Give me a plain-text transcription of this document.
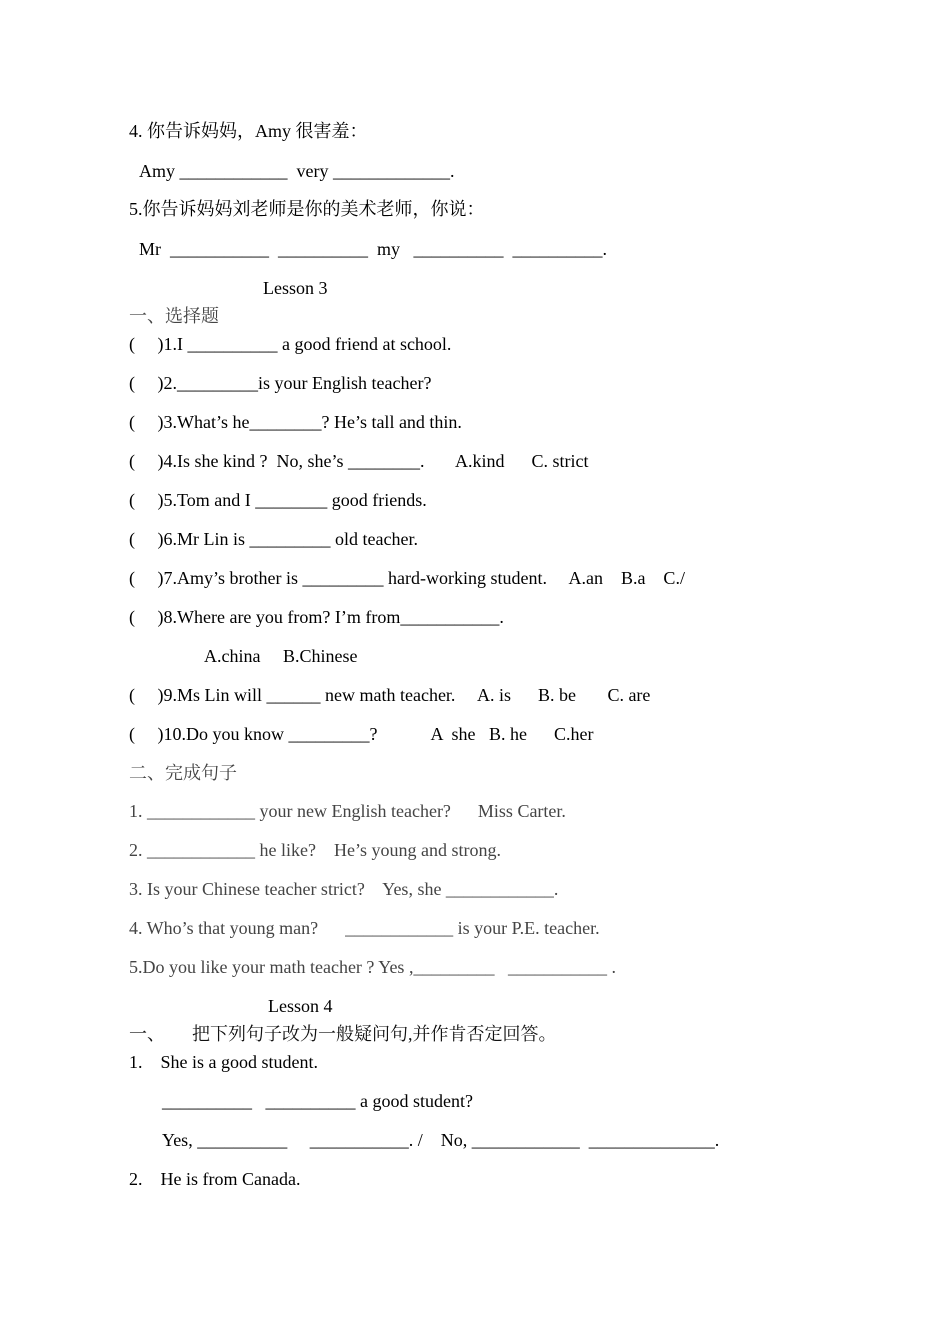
4. 你告诉妈妈，Amy 很害羞：
Amy ____________  very _____________.
5.你告诉妈妈刘老师是你的美术老师，你说：
Mr  ___________  __________  my   __________  __________.
Lesson 3
一、选择题
(     )1.I __________ a good friend at school.
(     )2._________is your English teacher?
(     )3.What’s he________? He’s tall and thin.
(     )4.Is she kind ?  No, she’s ________.       A.kind      C. strict
(     )5.Tom and I ________ good friends.
(     )6.Mr Lin is _________ old teacher.
(     )7.Amy’s brother is _________ hard-working student.     A.an    B.a    C./
(     )8.Where are you from? I’m from___________.
A.china     B.Chinese
(     )9.Ms Lin will ______ new math teacher.     A. is      B. be       C. are
(     )10.Do you know _________?            A  she   B. he      C.her
二、完成句子
1. ____________ your new English teacher?      Miss Carter.
2. ____________ he like?    He’s young and strong.
3. Is your Chinese teacher strict?    Yes, she ____________.
4. Who’s that young man?      ____________ is your P.E. teacher.
5.Do you like your math teacher ? Yes ,_________   ___________ .
Lesson 4
一、      把下列句子改为一般疑问句,并作肯否定回答。
1.    She is a good student.
__________   __________ a good student?
Yes, __________     ___________. /    No, ____________  ______________.
2.    He is from Canada.
